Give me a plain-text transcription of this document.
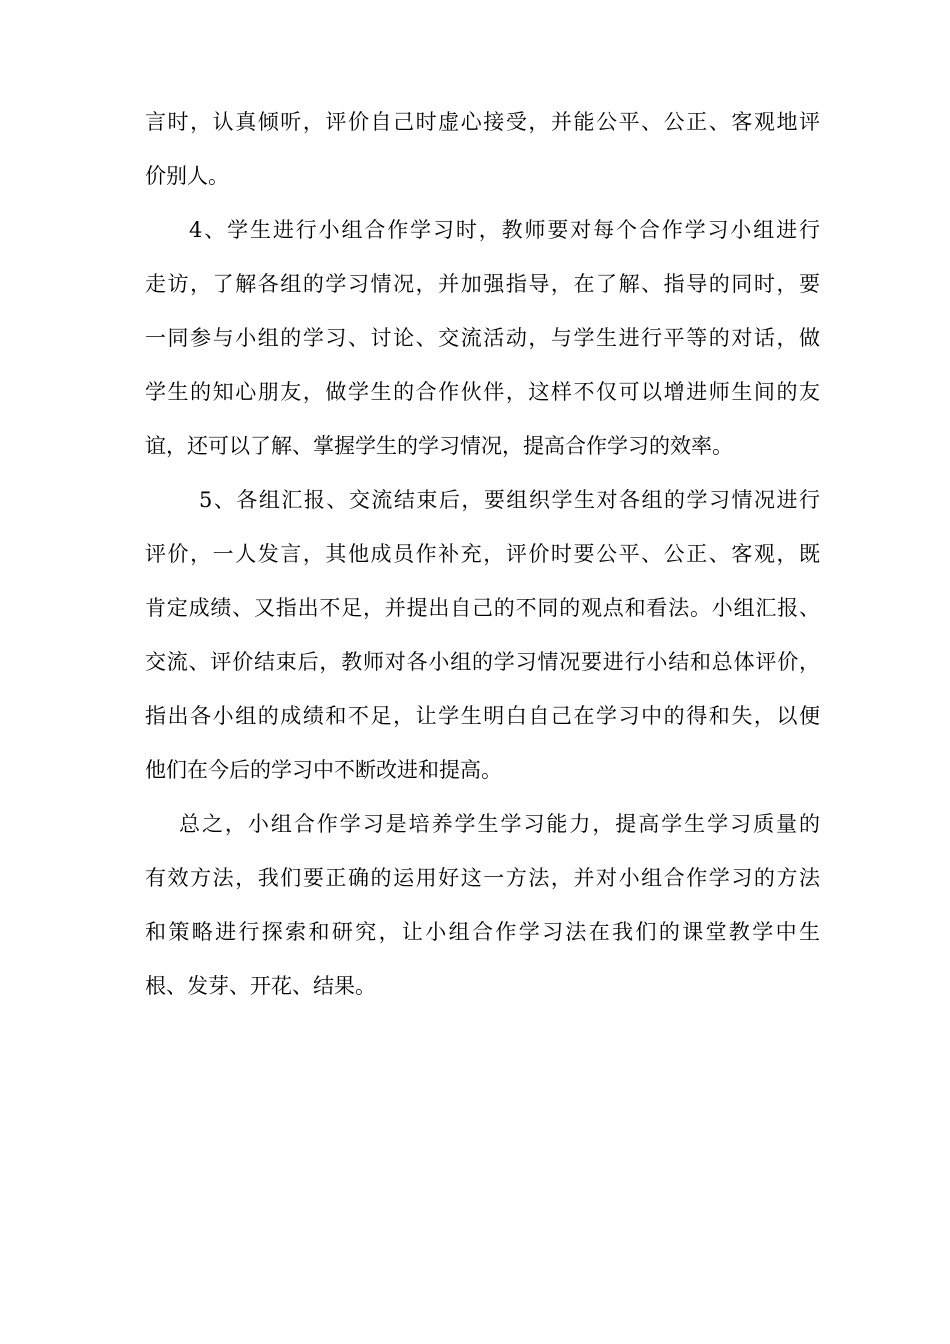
言时，认真倾听，评价自己时虚心接受，并能公平、公正、客观地评
价别人。
4、学生进行小组合作学习时，教师要对每个合作学习小组进行
走访，了解各组的学习情况，并加强指导，在了解、指导的同时，要
一同参与小组的学习、讨论、交流活动，与学生进行平等的对话，做
学生的知心朋友，做学生的合作伙伴，这样不仅可以增进师生间的友
谊，还可以了解、掌握学生的学习情况，提高合作学习的效率。
5、各组汇报、交流结束后，要组织学生对各组的学习情况进行
评价，一人发言，其他成员作补充，评价时要公平、公正、客观，既
肯定成绩、又指出不足，并提出自己的不同的观点和看法。小组汇报、
交流、评价结束后，教师对各小组的学习情况要进行小结和总体评价，
指出各小组的成绩和不足，让学生明白自己在学习中的得和失，以便
他们在今后的学习中不断改进和提高。
总之，小组合作学习是培养学生学习能力，提高学生学习质量的
有效方法，我们要正确的运用好这一方法，并对小组合作学习的方法
和策略进行探索和研究，让小组合作学习法在我们的课堂教学中生
根、发芽、开花、结果。
